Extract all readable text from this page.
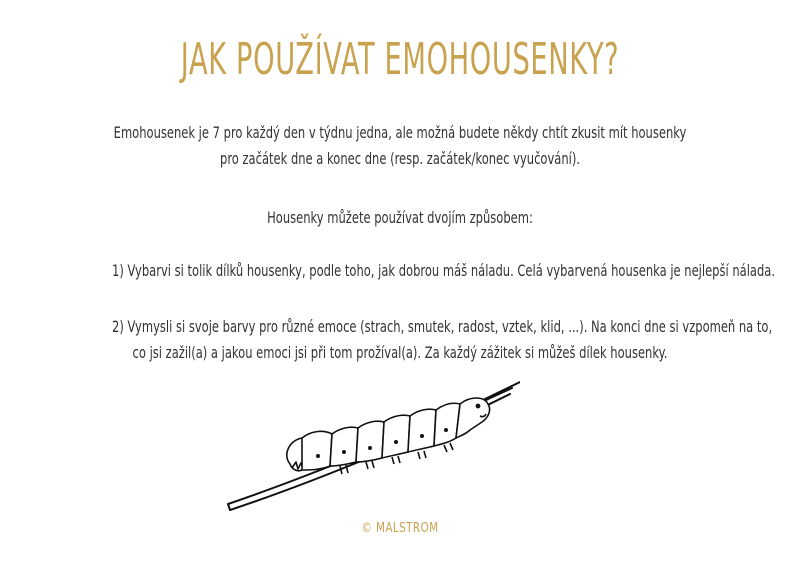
JAK POUŽÍVAT EMOHOUSENKY?
Emohousenek je 7 pro každý den v týdnu jedna, ale možná budete někdy chtít zkusit mít housenky
pro začátek dne a konec dne (resp. začátek/konec vyučování).
Housenky můžete používat dvojím způsobem:
1) Vybarvi si tolik dílků housenky, podle toho, jak dobrou máš náladu. Celá vybarvená housenka je nejlepší nálada.
2) Vymysli si svoje barvy pro různé emoce (strach, smutek, radost, vztek, klid, ...). Na konci dne si vzpomeň na to,
co jsi zažil(a) a jakou emoci jsi při tom prožíval(a). Za každý zážitek si můžeš dílek housenky.
© MALSTROM
